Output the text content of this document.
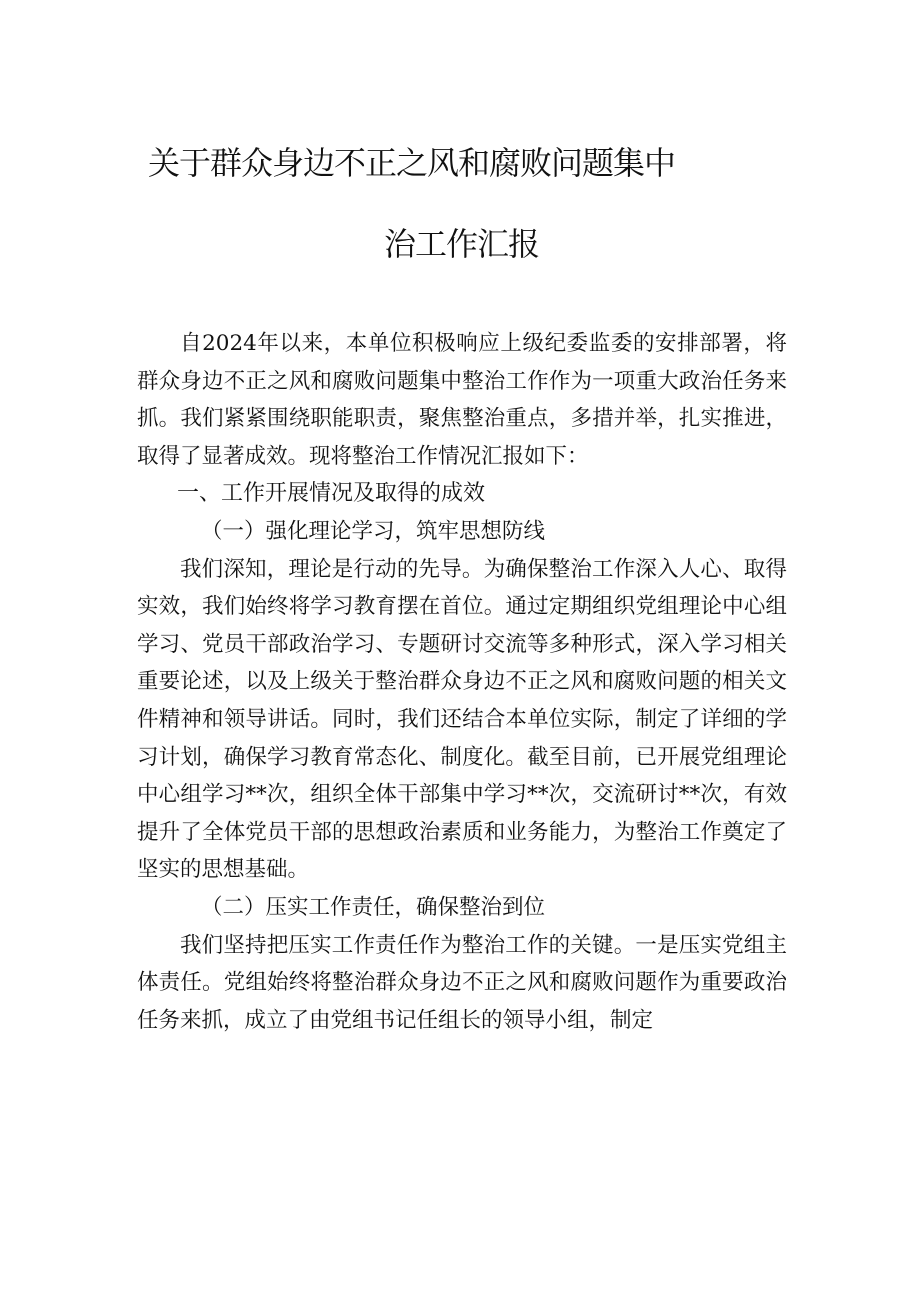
关于群众身边不正之风和腐败问题集中
治工作汇报

自2024年以来，本单位积极响应上级纪委监委的安排部署，将群众身边不正之风和腐败问题集中整治工作作为一项重大政治任务来抓。我们紧紧围绕职能职责，聚焦整治重点，多措并举，扎实推进，取得了显著成效。现将整治工作情况汇报如下：

一、工作开展情况及取得的成效

（一）强化理论学习，筑牢思想防线

我们深知，理论是行动的先导。为确保整治工作深入人心、取得实效，我们始终将学习教育摆在首位。通过定期组织党组理论中心组学习、党员干部政治学习、专题研讨交流等多种形式，深入学习相关重要论述，以及上级关于整治群众身边不正之风和腐败问题的相关文件精神和领导讲话。同时，我们还结合本单位实际，制定了详细的学习计划，确保学习教育常态化、制度化。截至目前，已开展党组理论中心组学习**次，组织全体干部集中学习**次，交流研讨**次，有效提升了全体党员干部的思想政治素质和业务能力，为整治工作奠定了坚实的思想基础。

（二）压实工作责任，确保整治到位

我们坚持把压实工作责任作为整治工作的关键。一是压实党组主体责任。党组始终将整治群众身边不正之风和腐败问题作为重要政治任务来抓，成立了由党组书记任组长的领导小组，制定
